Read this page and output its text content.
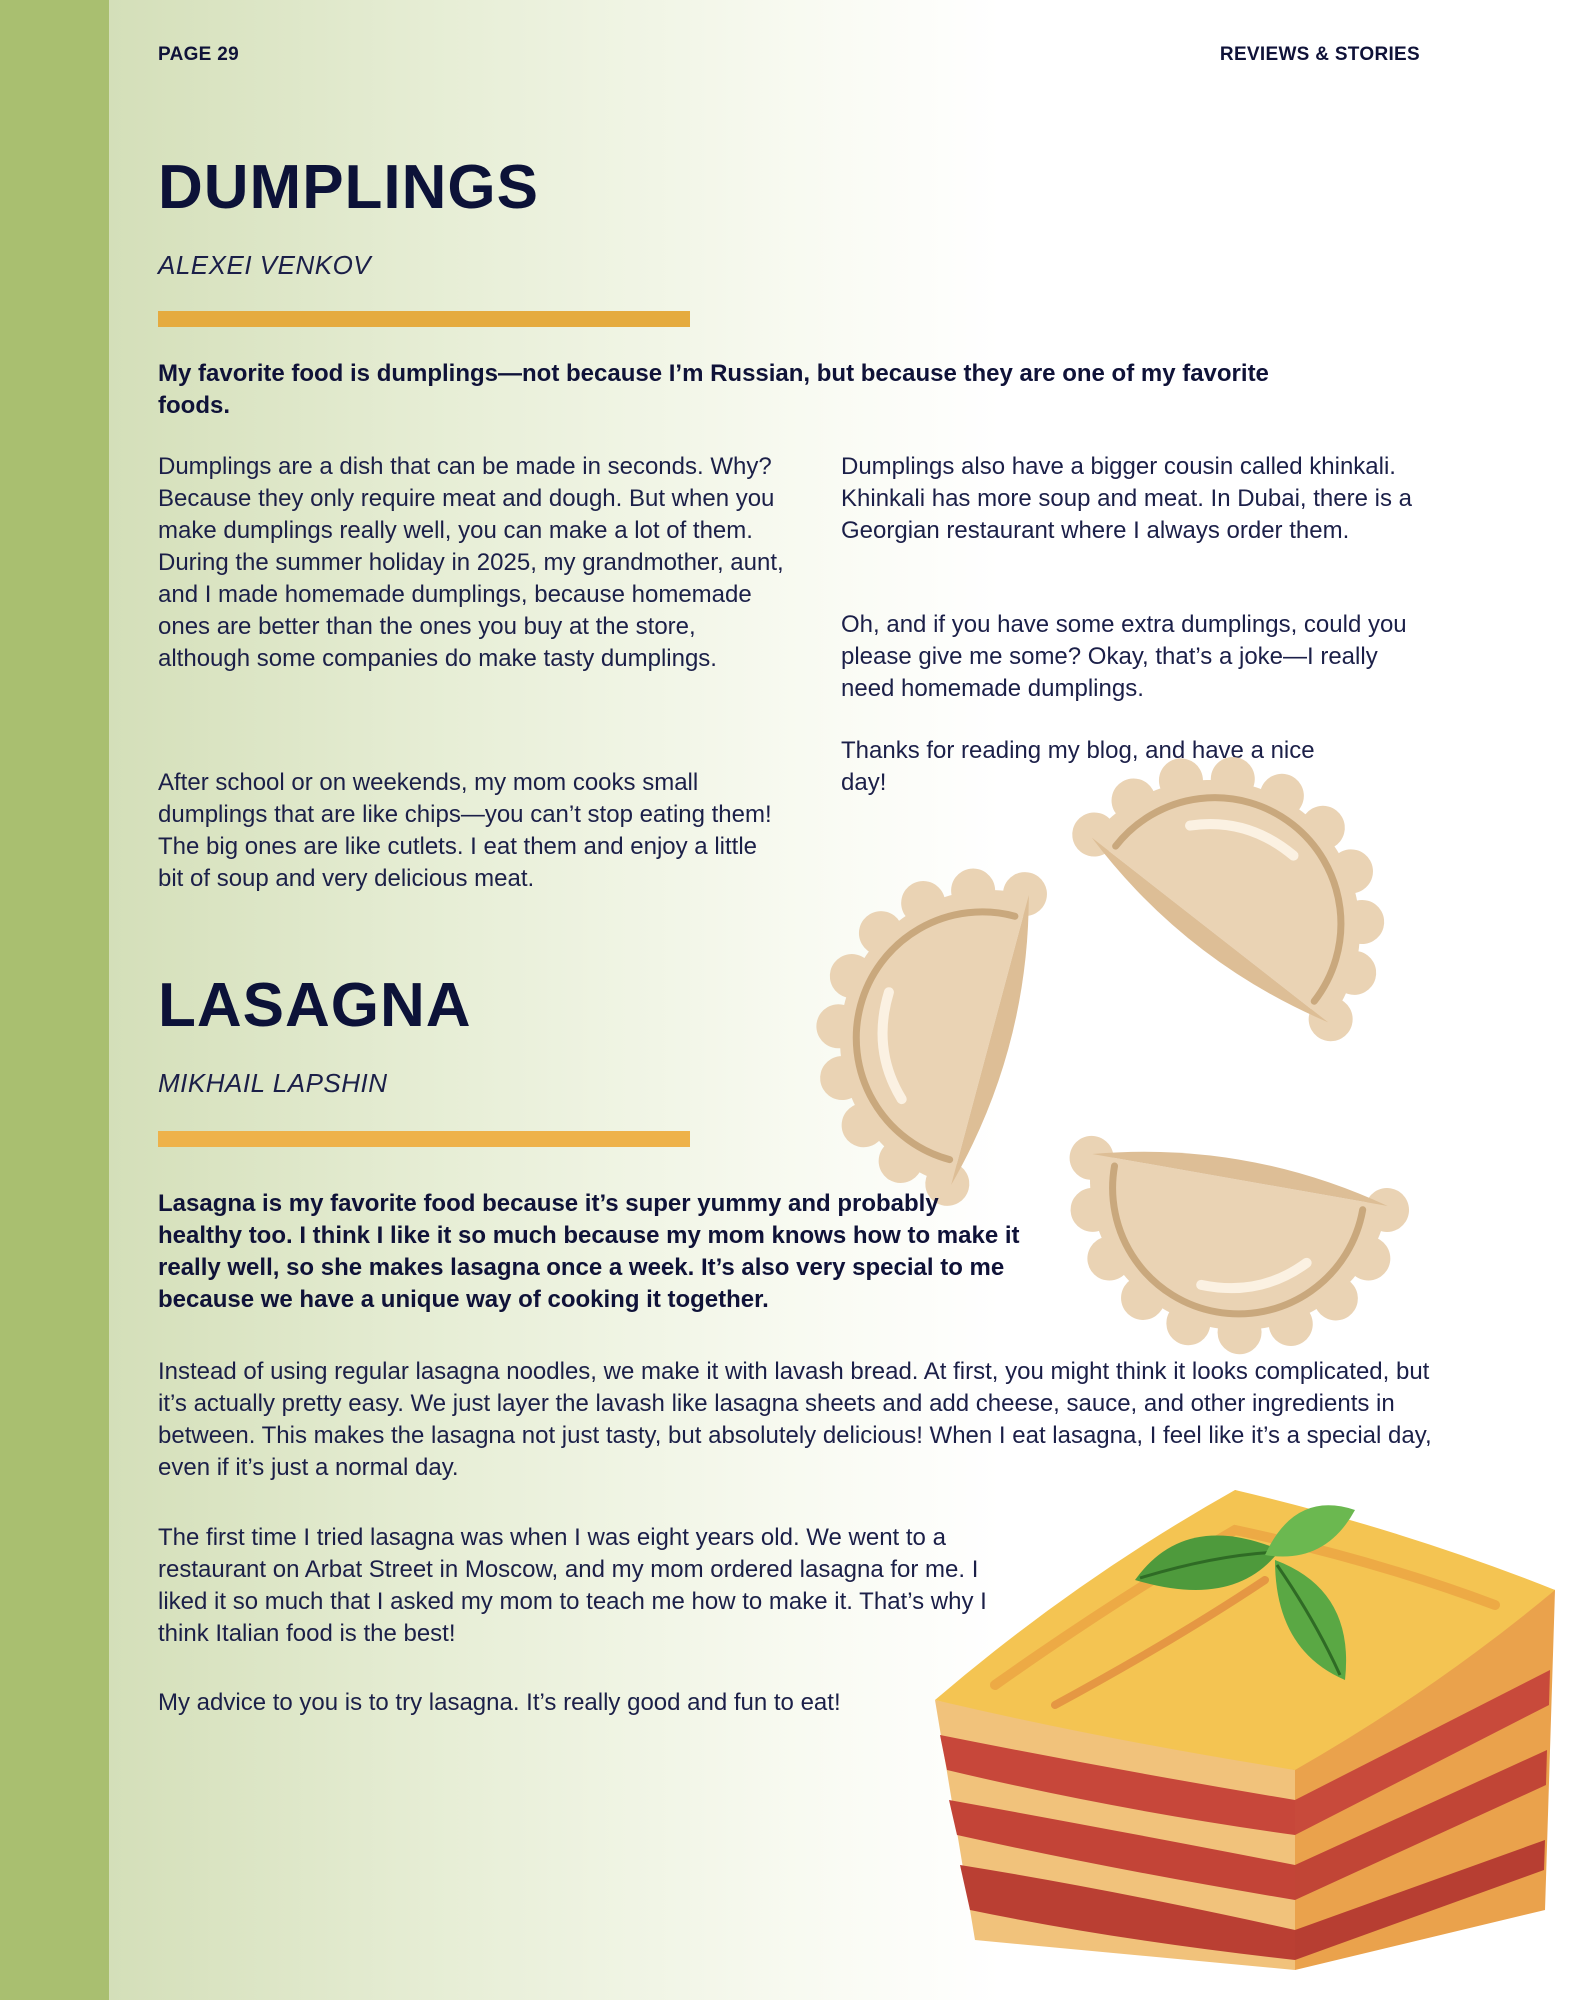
PAGE 29	REVIEWS & STORIES
DUMPLINGS
ALEXEI VENKOV

My favorite food is dumplings—not because I’m Russian, but because they are one of my favorite foods.

Dumplings are a dish that can be made in seconds. Why? Because they only require meat and dough. But when you make dumplings really well, you can make a lot of them. During the summer holiday in 2025, my grandmother, aunt, and I made homemade dumplings, because homemade ones are better than the ones you buy at the store, although some companies do make tasty dumplings.

After school or on weekends, my mom cooks small dumplings that are like chips—you can’t stop eating them! The big ones are like cutlets. I eat them and enjoy a little bit of soup and very delicious meat.

Dumplings also have a bigger cousin called khinkali. Khinkali has more soup and meat. In Dubai, there is a Georgian restaurant where I always order them.

Oh, and if you have some extra dumplings, could you please give me some? Okay, that’s a joke—I really need homemade dumplings.

Thanks for reading my blog, and have a nice day!

LASAGNA
MIKHAIL LAPSHIN

Lasagna is my favorite food because it’s super yummy and probably healthy too. I think I like it so much because my mom knows how to make it really well, so she makes lasagna once a week. It’s also very special to me because we have a unique way of cooking it together.

Instead of using regular lasagna noodles, we make it with lavash bread. At first, you might think it looks complicated, but it’s actually pretty easy. We just layer the lavash like lasagna sheets and add cheese, sauce, and other ingredients in between. This makes the lasagna not just tasty, but absolutely delicious! When I eat lasagna, I feel like it’s a special day, even if it’s just a normal day.

The first time I tried lasagna was when I was eight years old. We went to a restaurant on Arbat Street in Moscow, and my mom ordered lasagna for me. I liked it so much that I asked my mom to teach me how to make it. That’s why I think Italian food is the best!

My advice to you is to try lasagna. It’s really good and fun to eat!
